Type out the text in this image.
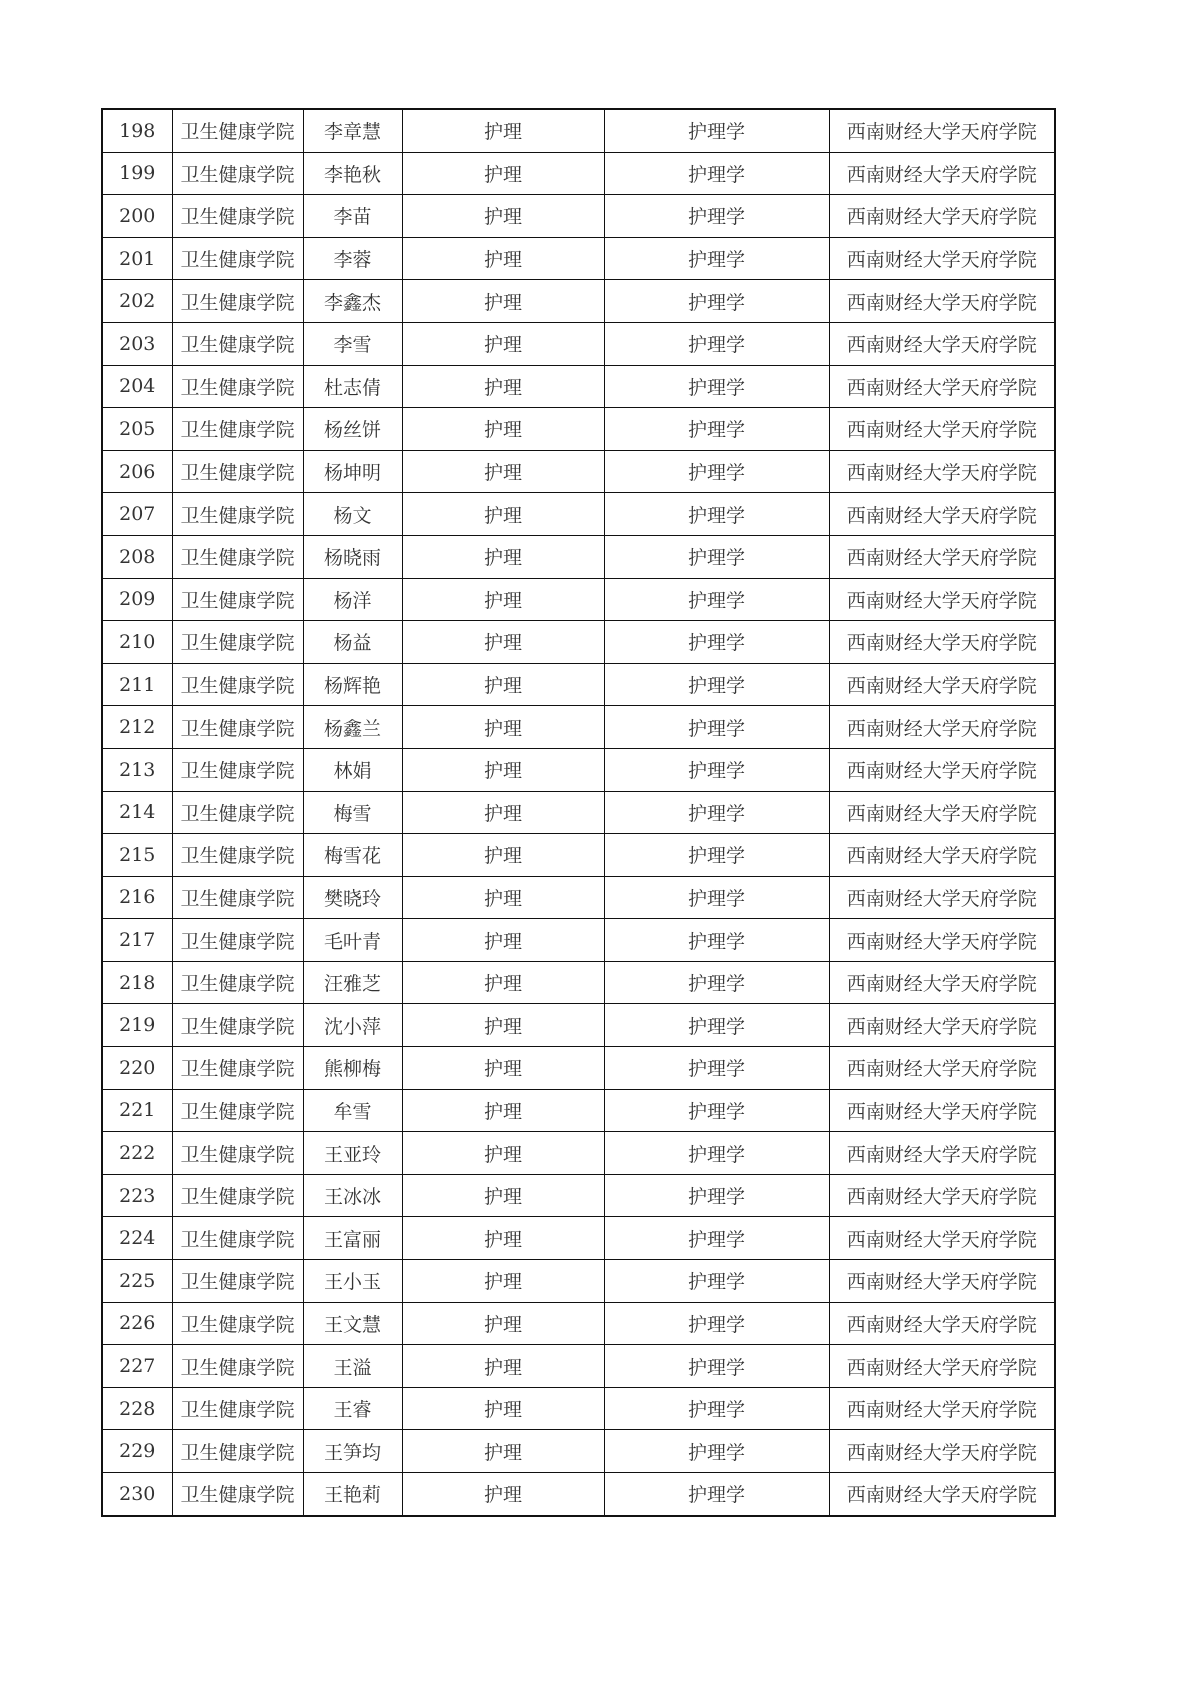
198	卫生健康学院	李章慧	护理	护理学	西南财经大学天府学院
199	卫生健康学院	李艳秋	护理	护理学	西南财经大学天府学院
200	卫生健康学院	李苗	护理	护理学	西南财经大学天府学院
201	卫生健康学院	李蓉	护理	护理学	西南财经大学天府学院
202	卫生健康学院	李鑫杰	护理	护理学	西南财经大学天府学院
203	卫生健康学院	李雪	护理	护理学	西南财经大学天府学院
204	卫生健康学院	杜志倩	护理	护理学	西南财经大学天府学院
205	卫生健康学院	杨丝饼	护理	护理学	西南财经大学天府学院
206	卫生健康学院	杨坤明	护理	护理学	西南财经大学天府学院
207	卫生健康学院	杨文	护理	护理学	西南财经大学天府学院
208	卫生健康学院	杨晓雨	护理	护理学	西南财经大学天府学院
209	卫生健康学院	杨洋	护理	护理学	西南财经大学天府学院
210	卫生健康学院	杨益	护理	护理学	西南财经大学天府学院
211	卫生健康学院	杨辉艳	护理	护理学	西南财经大学天府学院
212	卫生健康学院	杨鑫兰	护理	护理学	西南财经大学天府学院
213	卫生健康学院	林娟	护理	护理学	西南财经大学天府学院
214	卫生健康学院	梅雪	护理	护理学	西南财经大学天府学院
215	卫生健康学院	梅雪花	护理	护理学	西南财经大学天府学院
216	卫生健康学院	樊晓玲	护理	护理学	西南财经大学天府学院
217	卫生健康学院	毛叶青	护理	护理学	西南财经大学天府学院
218	卫生健康学院	汪雅芝	护理	护理学	西南财经大学天府学院
219	卫生健康学院	沈小萍	护理	护理学	西南财经大学天府学院
220	卫生健康学院	熊柳梅	护理	护理学	西南财经大学天府学院
221	卫生健康学院	牟雪	护理	护理学	西南财经大学天府学院
222	卫生健康学院	王亚玲	护理	护理学	西南财经大学天府学院
223	卫生健康学院	王冰冰	护理	护理学	西南财经大学天府学院
224	卫生健康学院	王富丽	护理	护理学	西南财经大学天府学院
225	卫生健康学院	王小玉	护理	护理学	西南财经大学天府学院
226	卫生健康学院	王文慧	护理	护理学	西南财经大学天府学院
227	卫生健康学院	王溢	护理	护理学	西南财经大学天府学院
228	卫生健康学院	王睿	护理	护理学	西南财经大学天府学院
229	卫生健康学院	王笋均	护理	护理学	西南财经大学天府学院
230	卫生健康学院	王艳莉	护理	护理学	西南财经大学天府学院
